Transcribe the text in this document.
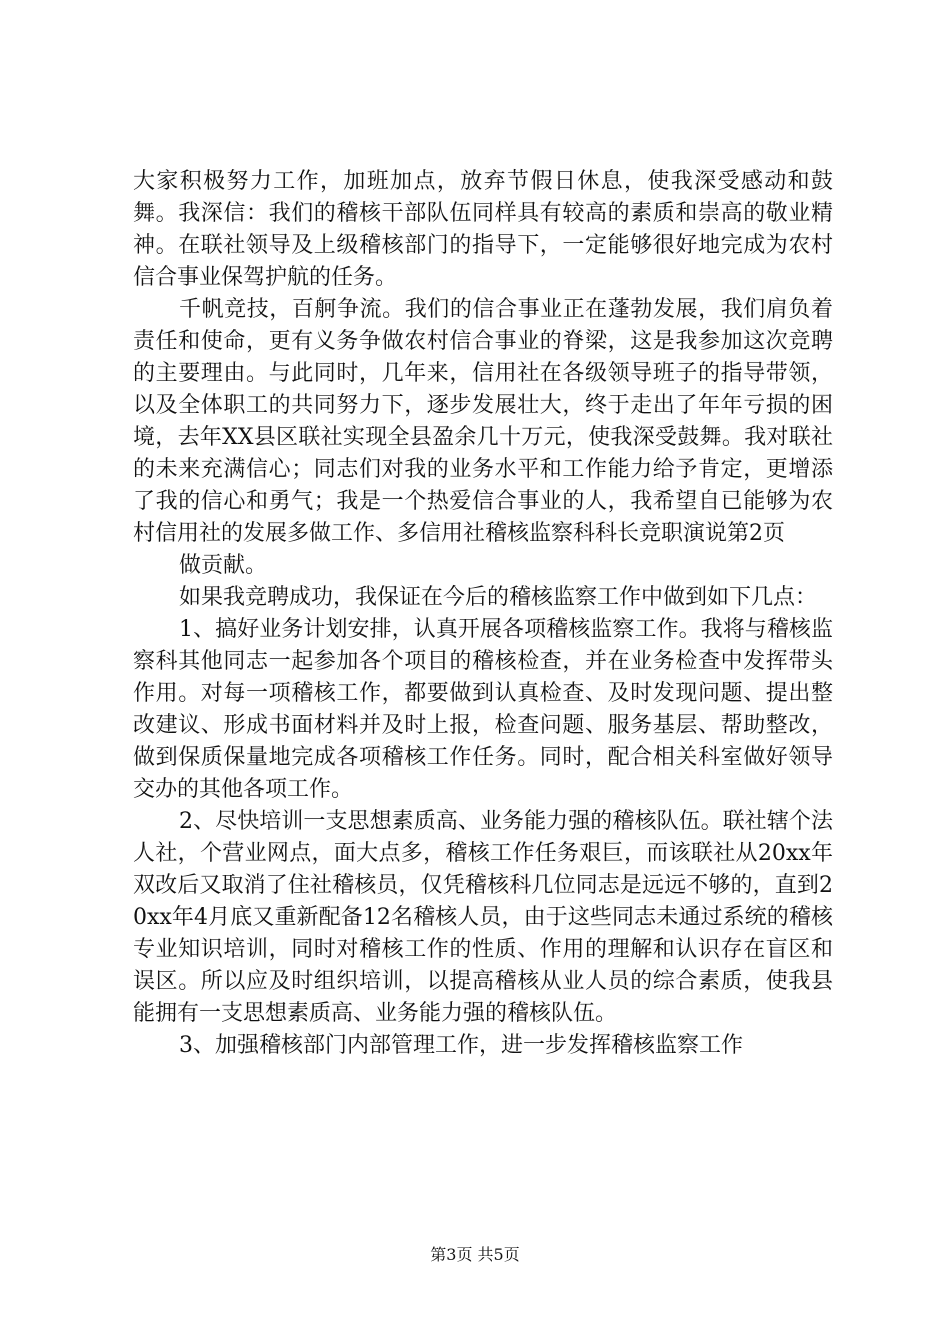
大家积极努力工作，加班加点，放弃节假日休息，使我深受感动和鼓舞。我深信：我们的稽核干部队伍同样具有较高的素质和崇高的敬业精神。在联社领导及上级稽核部门的指导下，一定能够很好地完成为农村信合事业保驾护航的任务。

千帆竞技，百舸争流。我们的信合事业正在蓬勃发展，我们肩负着责任和使命，更有义务争做农村信合事业的脊梁，这是我参加这次竞聘的主要理由。与此同时，几年来，信用社在各级领导班子的指导带领，以及全体职工的共同努力下，逐步发展壮大，终于走出了年年亏损的困境，去年XX县区联社实现全县盈余几十万元，使我深受鼓舞。我对联社的未来充满信心；同志们对我的业务水平和工作能力给予肯定，更增添了我的信心和勇气；我是一个热爱信合事业的人，我希望自已能够为农村信用社的发展多做工作、多信用社稽核监察科科长竞职演说第2页

做贡献。

如果我竞聘成功，我保证在今后的稽核监察工作中做到如下几点：

1、搞好业务计划安排，认真开展各项稽核监察工作。我将与稽核监察科其他同志一起参加各个项目的稽核检查，并在业务检查中发挥带头作用。对每一项稽核工作，都要做到认真检查、及时发现问题、提出整改建议、形成书面材料并及时上报，检查问题、服务基层、帮助整改，做到保质保量地完成各项稽核工作任务。同时，配合相关科室做好领导交办的其他各项工作。

2、尽快培训一支思想素质高、业务能力强的稽核队伍。联社辖个法人社，个营业网点，面大点多，稽核工作任务艰巨，而该联社从20xx年双改后又取消了住社稽核员，仅凭稽核科几位同志是远远不够的，直到20xx年4月底又重新配备12名稽核人员，由于这些同志未通过系统的稽核专业知识培训，同时对稽核工作的性质、作用的理解和认识存在盲区和误区。所以应及时组织培训，以提高稽核从业人员的综合素质，使我县能拥有一支思想素质高、业务能力强的稽核队伍。

3、加强稽核部门内部管理工作，进一步发挥稽核监察工作

第3页 共5页
